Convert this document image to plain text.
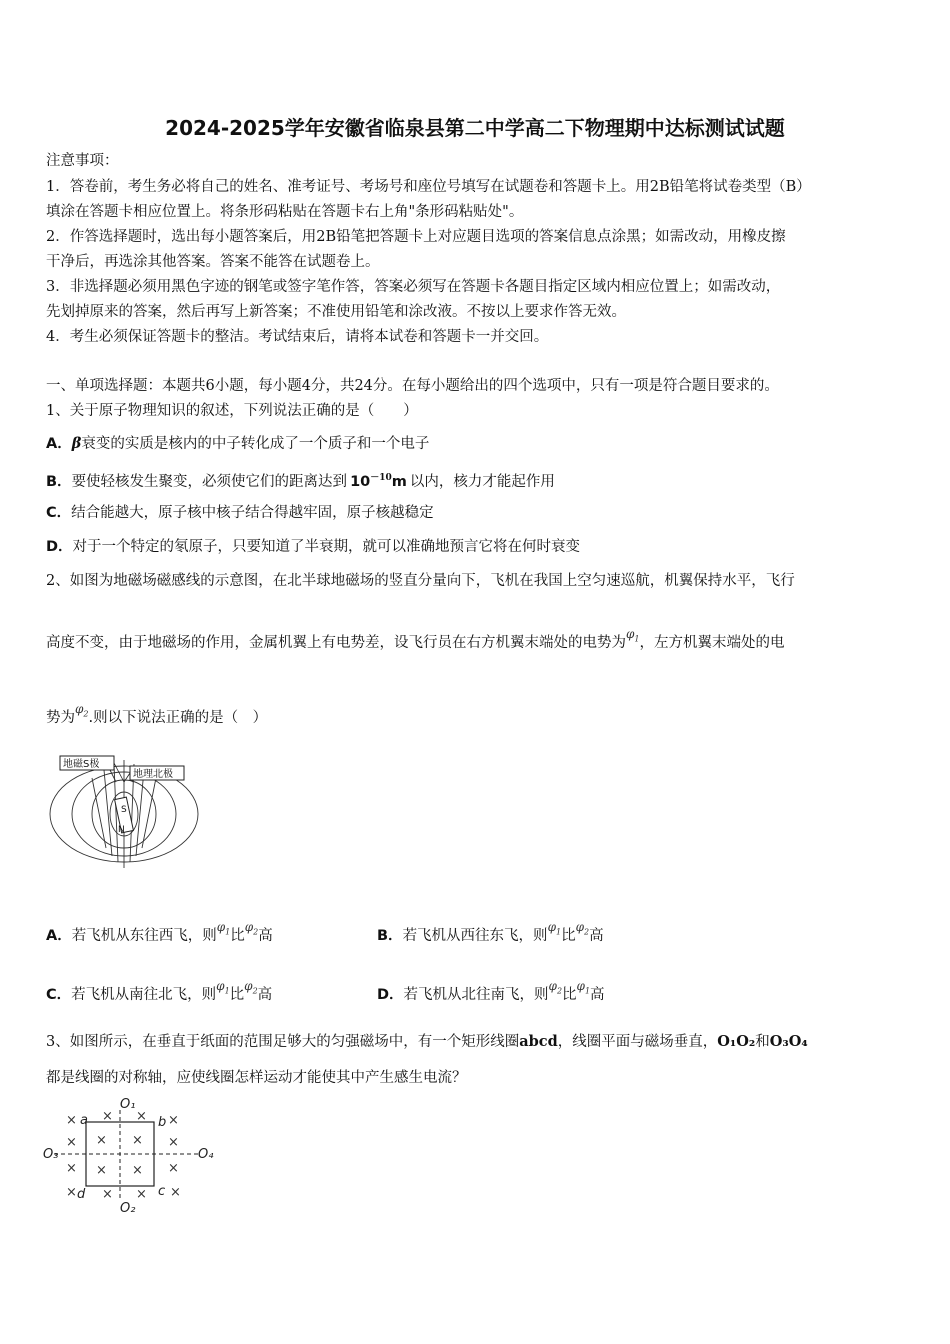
2024-2025学年安徽省临泉县第二中学高二下物理期中达标测试试题
注意事项：
1．答卷前，考生务必将自己的姓名、准考证号、考场号和座位号填写在试题卷和答题卡上。用2B铅笔将试卷类型（B）
填涂在答题卡相应位置上。将条形码粘贴在答题卡右上角"条形码粘贴处"。
2．作答选择题时，选出每小题答案后，用2B铅笔把答题卡上对应题目选项的答案信息点涂黑；如需改动，用橡皮擦
干净后，再选涂其他答案。答案不能答在试题卷上。
3．非选择题必须用黑色字迹的钢笔或签字笔作答，答案必须写在答题卡各题目指定区域内相应位置上；如需改动，
先划掉原来的答案，然后再写上新答案；不准使用铅笔和涂改液。不按以上要求作答无效。
4．考生必须保证答题卡的整洁。考试结束后，请将本试卷和答题卡一并交回。
一、单项选择题：本题共6小题，每小题4分，共24分。在每小题给出的四个选项中，只有一项是符合题目要求的。
1、关于原子物理知识的叙述，下列说法正确的是（　　）
A．β衰变的实质是核内的中子转化成了一个质子和一个电子
B．要使轻核发生聚变，必须使它们的距离达到 $10^{-10}m$ 以内，核力才能起作用
C．结合能越大，原子核中核子结合得越牢固，原子核越稳定
D．对于一个特定的氡原子，只要知道了半衰期，就可以准确地预言它将在何时衰变
2、如图为地磁场磁感线的示意图，在北半球地磁场的竖直分量向下，飞机在我国上空匀速巡航，机翼保持水平，飞行
高度不变，由于地磁场的作用，金属机翼上有电势差，设飞行员在右方机翼末端处的电势为$^{\varphi_1}$，左方机翼末端处的电
势为$^{\varphi_2}$.则以下说法正确的是（　）
S
N
地磁S极
地理北极
A．若飞机从东往西飞，则$^{\varphi_1}$比$^{\varphi_2}$高	B．若飞机从西往东飞，则$^{\varphi_1}$比$^{\varphi_2}$高
C．若飞机从南往北飞，则$^{\varphi_1}$比$^{\varphi_2}$高	D．若飞机从北往南飞，则$^{\varphi_2}$比$^{\varphi_1}$高
3、如图所示，在垂直于纸面的范围足够大的匀强磁场中，有一个矩形线圈abcd，线圈平面与磁场垂直，O₁O₂和O₃O₄
都是线圈的对称轴，应使线圈怎样运动才能使其中产生感生电流？
O₁
O₂
O₃	O₄
a	b
c
d
× × × ×
× × × ×
× × × ×
× × × ×
